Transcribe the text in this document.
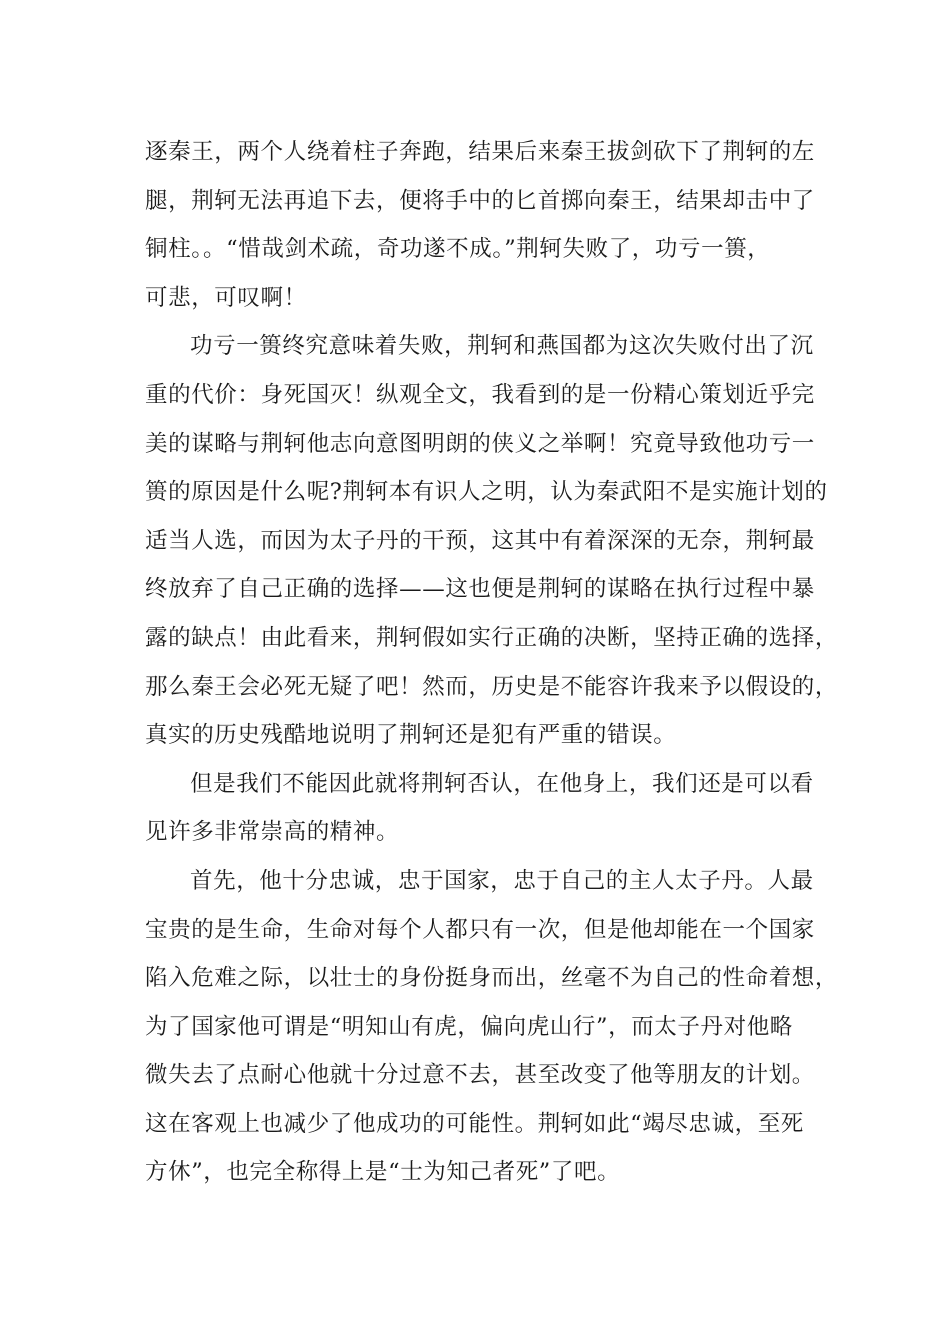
逐秦王，两个人绕着柱子奔跑，结果后来秦王拔剑砍下了荆轲的左
腿，荆轲无法再追下去，便将手中的匕首掷向秦王，结果却击中了
铜柱。。“惜哉剑术疏，奇功遂不成。”荆轲失败了，功亏一篑，
可悲，可叹啊！
功亏一篑终究意味着失败，荆轲和燕国都为这次失败付出了沉
重的代价：身死国灭！纵观全文，我看到的是一份精心策划近乎完
美的谋略与荆轲他志向意图明朗的侠义之举啊！究竟导致他功亏一
篑的原因是什么呢?荆轲本有识人之明，认为秦武阳不是实施计划的
适当人选，而因为太子丹的干预，这其中有着深深的无奈，荆轲最
终放弃了自己正确的选择——这也便是荆轲的谋略在执行过程中暴
露的缺点！由此看来，荆轲假如实行正确的决断，坚持正确的选择，
那么秦王会必死无疑了吧！然而，历史是不能容许我来予以假设的，
真实的历史残酷地说明了荆轲还是犯有严重的错误。
但是我们不能因此就将荆轲否认，在他身上，我们还是可以看
见许多非常崇高的精神。
首先，他十分忠诚，忠于国家，忠于自己的主人太子丹。人最
宝贵的是生命，生命对每个人都只有一次，但是他却能在一个国家
陷入危难之际，以壮士的身份挺身而出，丝毫不为自己的性命着想，
为了国家他可谓是“明知山有虎，偏向虎山行”，而太子丹对他略
微失去了点耐心他就十分过意不去，甚至改变了他等朋友的计划。
这在客观上也减少了他成功的可能性。荆轲如此“竭尽忠诚，至死
方休”，也完全称得上是“士为知己者死”了吧。
